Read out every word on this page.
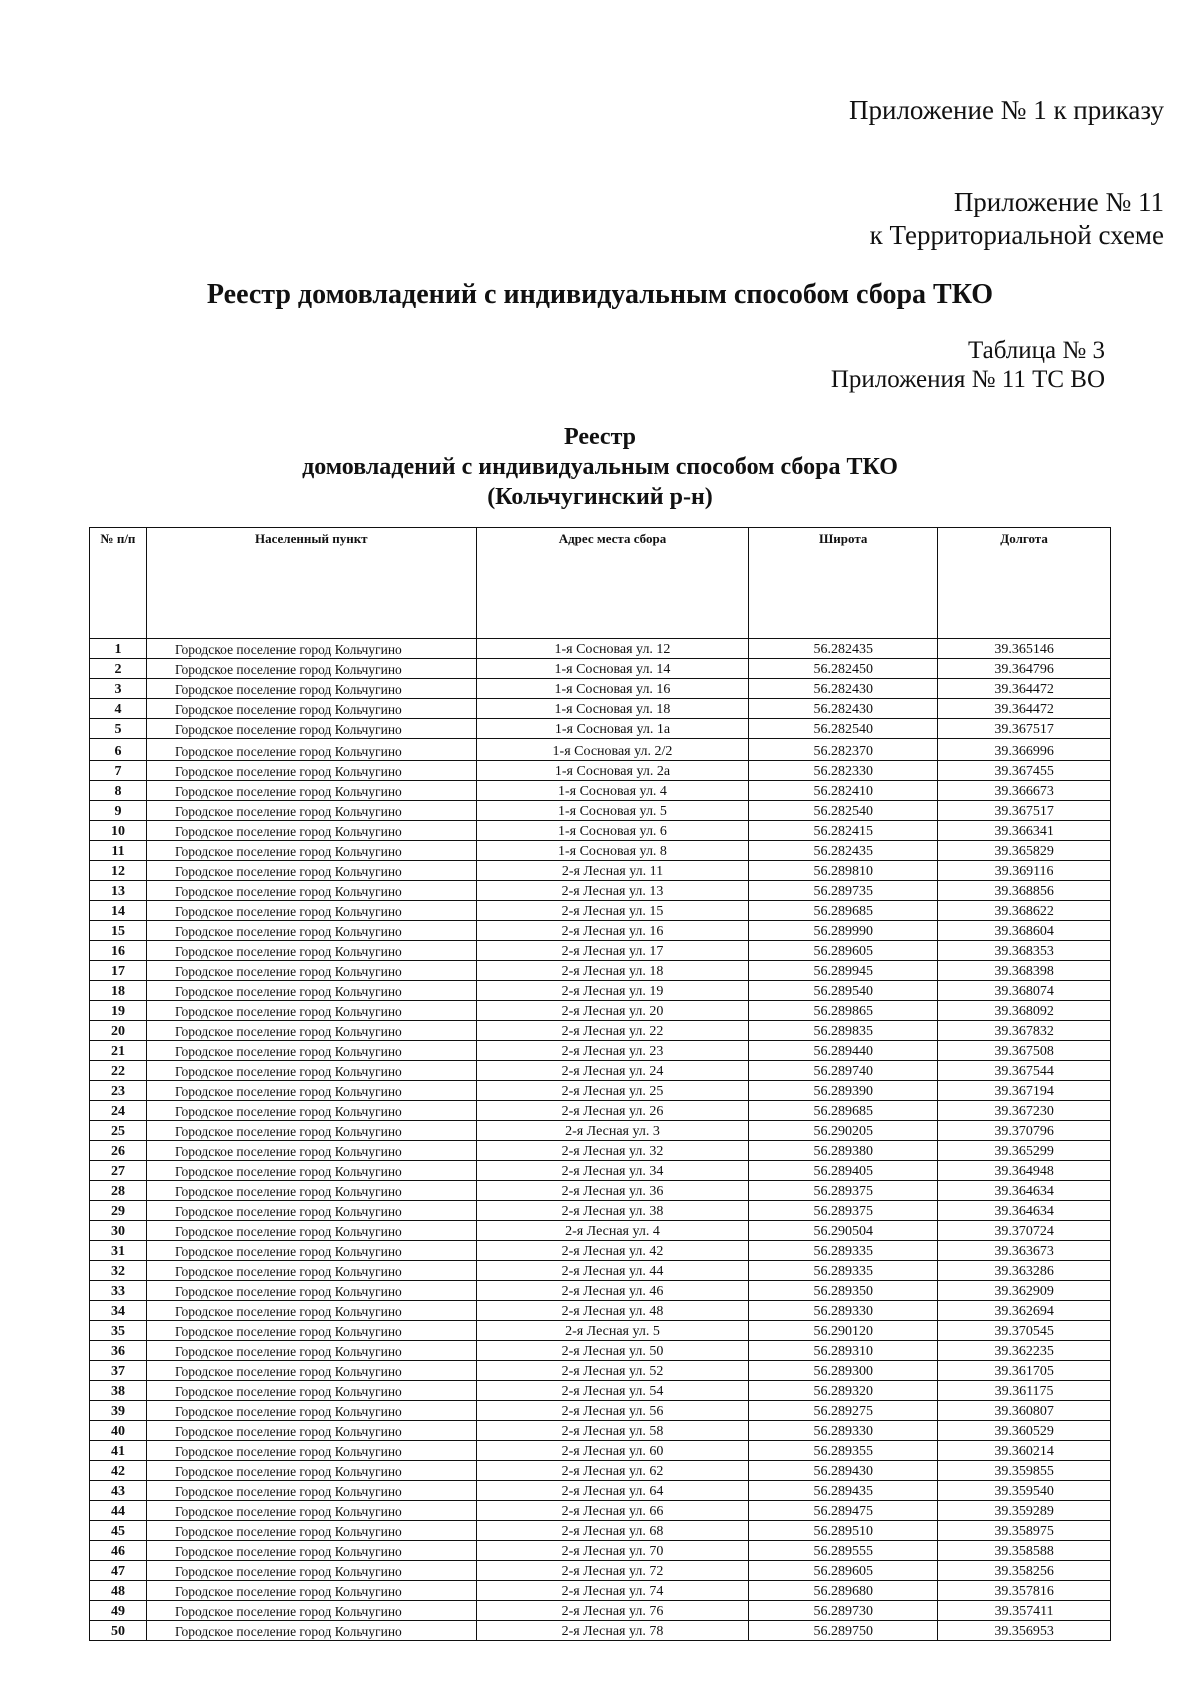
Приложение № 1 к приказу
Приложение № 11
к Территориальной схеме
Реестр домовладений с индивидуальным способом сбора ТКО
Таблица № 3
Приложения № 11 ТС ВО
Реестр
домовладений с индивидуальным способом сбора ТКО
(Кольчугинский р-н)
№ п/п	Населенный пункт	Адрес места сбора	Широта	Долгота
1	Городское поселение город Кольчугино	1-я Сосновая ул. 12	56.282435	39.365146
2	Городское поселение город Кольчугино	1-я Сосновая ул. 14	56.282450	39.364796
3	Городское поселение город Кольчугино	1-я Сосновая ул. 16	56.282430	39.364472
4	Городское поселение город Кольчугино	1-я Сосновая ул. 18	56.282430	39.364472
5	Городское поселение город Кольчугино	1-я Сосновая ул. 1а	56.282540	39.367517
6	Городское поселение город Кольчугино	1-я Сосновая ул. 2/2	56.282370	39.366996
7	Городское поселение город Кольчугино	1-я Сосновая ул. 2а	56.282330	39.367455
8	Городское поселение город Кольчугино	1-я Сосновая ул. 4	56.282410	39.366673
9	Городское поселение город Кольчугино	1-я Сосновая ул. 5	56.282540	39.367517
10	Городское поселение город Кольчугино	1-я Сосновая ул. 6	56.282415	39.366341
11	Городское поселение город Кольчугино	1-я Сосновая ул. 8	56.282435	39.365829
12	Городское поселение город Кольчугино	2-я Лесная ул. 11	56.289810	39.369116
13	Городское поселение город Кольчугино	2-я Лесная ул. 13	56.289735	39.368856
14	Городское поселение город Кольчугино	2-я Лесная ул. 15	56.289685	39.368622
15	Городское поселение город Кольчугино	2-я Лесная ул. 16	56.289990	39.368604
16	Городское поселение город Кольчугино	2-я Лесная ул. 17	56.289605	39.368353
17	Городское поселение город Кольчугино	2-я Лесная ул. 18	56.289945	39.368398
18	Городское поселение город Кольчугино	2-я Лесная ул. 19	56.289540	39.368074
19	Городское поселение город Кольчугино	2-я Лесная ул. 20	56.289865	39.368092
20	Городское поселение город Кольчугино	2-я Лесная ул. 22	56.289835	39.367832
21	Городское поселение город Кольчугино	2-я Лесная ул. 23	56.289440	39.367508
22	Городское поселение город Кольчугино	2-я Лесная ул. 24	56.289740	39.367544
23	Городское поселение город Кольчугино	2-я Лесная ул. 25	56.289390	39.367194
24	Городское поселение город Кольчугино	2-я Лесная ул. 26	56.289685	39.367230
25	Городское поселение город Кольчугино	2-я Лесная ул. 3	56.290205	39.370796
26	Городское поселение город Кольчугино	2-я Лесная ул. 32	56.289380	39.365299
27	Городское поселение город Кольчугино	2-я Лесная ул. 34	56.289405	39.364948
28	Городское поселение город Кольчугино	2-я Лесная ул. 36	56.289375	39.364634
29	Городское поселение город Кольчугино	2-я Лесная ул. 38	56.289375	39.364634
30	Городское поселение город Кольчугино	2-я Лесная ул. 4	56.290504	39.370724
31	Городское поселение город Кольчугино	2-я Лесная ул. 42	56.289335	39.363673
32	Городское поселение город Кольчугино	2-я Лесная ул. 44	56.289335	39.363286
33	Городское поселение город Кольчугино	2-я Лесная ул. 46	56.289350	39.362909
34	Городское поселение город Кольчугино	2-я Лесная ул. 48	56.289330	39.362694
35	Городское поселение город Кольчугино	2-я Лесная ул. 5	56.290120	39.370545
36	Городское поселение город Кольчугино	2-я Лесная ул. 50	56.289310	39.362235
37	Городское поселение город Кольчугино	2-я Лесная ул. 52	56.289300	39.361705
38	Городское поселение город Кольчугино	2-я Лесная ул. 54	56.289320	39.361175
39	Городское поселение город Кольчугино	2-я Лесная ул. 56	56.289275	39.360807
40	Городское поселение город Кольчугино	2-я Лесная ул. 58	56.289330	39.360529
41	Городское поселение город Кольчугино	2-я Лесная ул. 60	56.289355	39.360214
42	Городское поселение город Кольчугино	2-я Лесная ул. 62	56.289430	39.359855
43	Городское поселение город Кольчугино	2-я Лесная ул. 64	56.289435	39.359540
44	Городское поселение город Кольчугино	2-я Лесная ул. 66	56.289475	39.359289
45	Городское поселение город Кольчугино	2-я Лесная ул. 68	56.289510	39.358975
46	Городское поселение город Кольчугино	2-я Лесная ул. 70	56.289555	39.358588
47	Городское поселение город Кольчугино	2-я Лесная ул. 72	56.289605	39.358256
48	Городское поселение город Кольчугино	2-я Лесная ул. 74	56.289680	39.357816
49	Городское поселение город Кольчугино	2-я Лесная ул. 76	56.289730	39.357411
50	Городское поселение город Кольчугино	2-я Лесная ул. 78	56.289750	39.356953
